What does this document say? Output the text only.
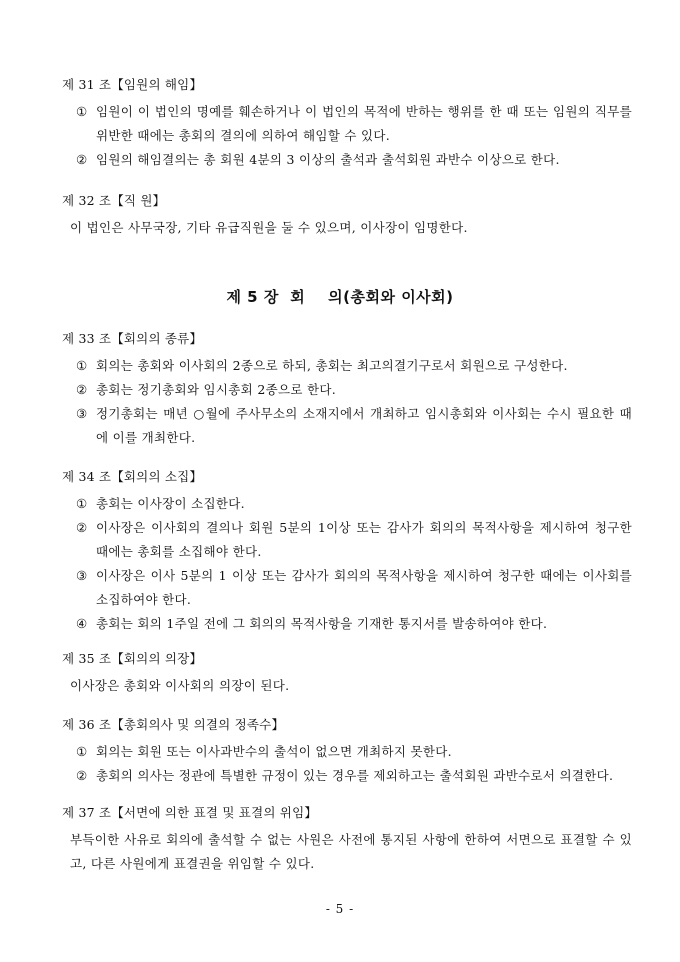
제 31 조【임원의 해임】
① 임원이 이 법인의 명예를 훼손하거나 이 법인의 목적에 반하는 행위를 한 때 또는 임원의 직무를 위반한 때에는 총회의 결의에 의하여 해임할 수 있다.
② 임원의 해임결의는 총 회원 4분의 3 이상의 출석과 출석회원 과반수 이상으로 한다.
제 32 조【직 원】
이 법인은 사무국장, 기타 유급직원을 둘 수 있으며, 이사장이 임명한다.
제 5 장  회    의(총회와 이사회)
제 33 조【회의의 종류】
① 회의는 총회와 이사회의 2종으로 하되, 총회는 최고의결기구로서 회원으로 구성한다.
② 총회는 정기총회와 임시총회 2종으로 한다.
③ 정기총회는 매년 ○월에 주사무소의 소재지에서 개최하고 임시총회와 이사회는 수시 필요한 때에 이를 개최한다.
제 34 조【회의의 소집】
① 총회는 이사장이 소집한다.
② 이사장은 이사회의 결의나 회원 5분의 1이상 또는 감사가 회의의 목적사항을 제시하여 청구한 때에는 총회를 소집해야 한다.
③ 이사장은 이사 5분의 1 이상 또는 감사가 회의의 목적사항을 제시하여 청구한 때에는 이사회를 소집하여야 한다.
④ 총회는 회의 1주일 전에 그 회의의 목적사항을 기재한 통지서를 발송하여야 한다.
제 35 조【회의의 의장】
이사장은 총회와 이사회의 의장이 된다.
제 36 조【총회의사 및 의결의 정족수】
① 회의는 회원 또는 이사과반수의 출석이 없으면 개최하지 못한다.
② 총회의 의사는 정관에 특별한 규정이 있는 경우를 제외하고는 출석회원 과반수로서 의결한다.
제 37 조【서면에 의한 표결 및 표결의 위임】
부득이한 사유로 회의에 출석할 수 없는 사원은 사전에 통지된 사항에 한하여 서면으로 표결할 수 있고, 다른 사원에게 표결권을 위임할 수 있다.
- 5 -
